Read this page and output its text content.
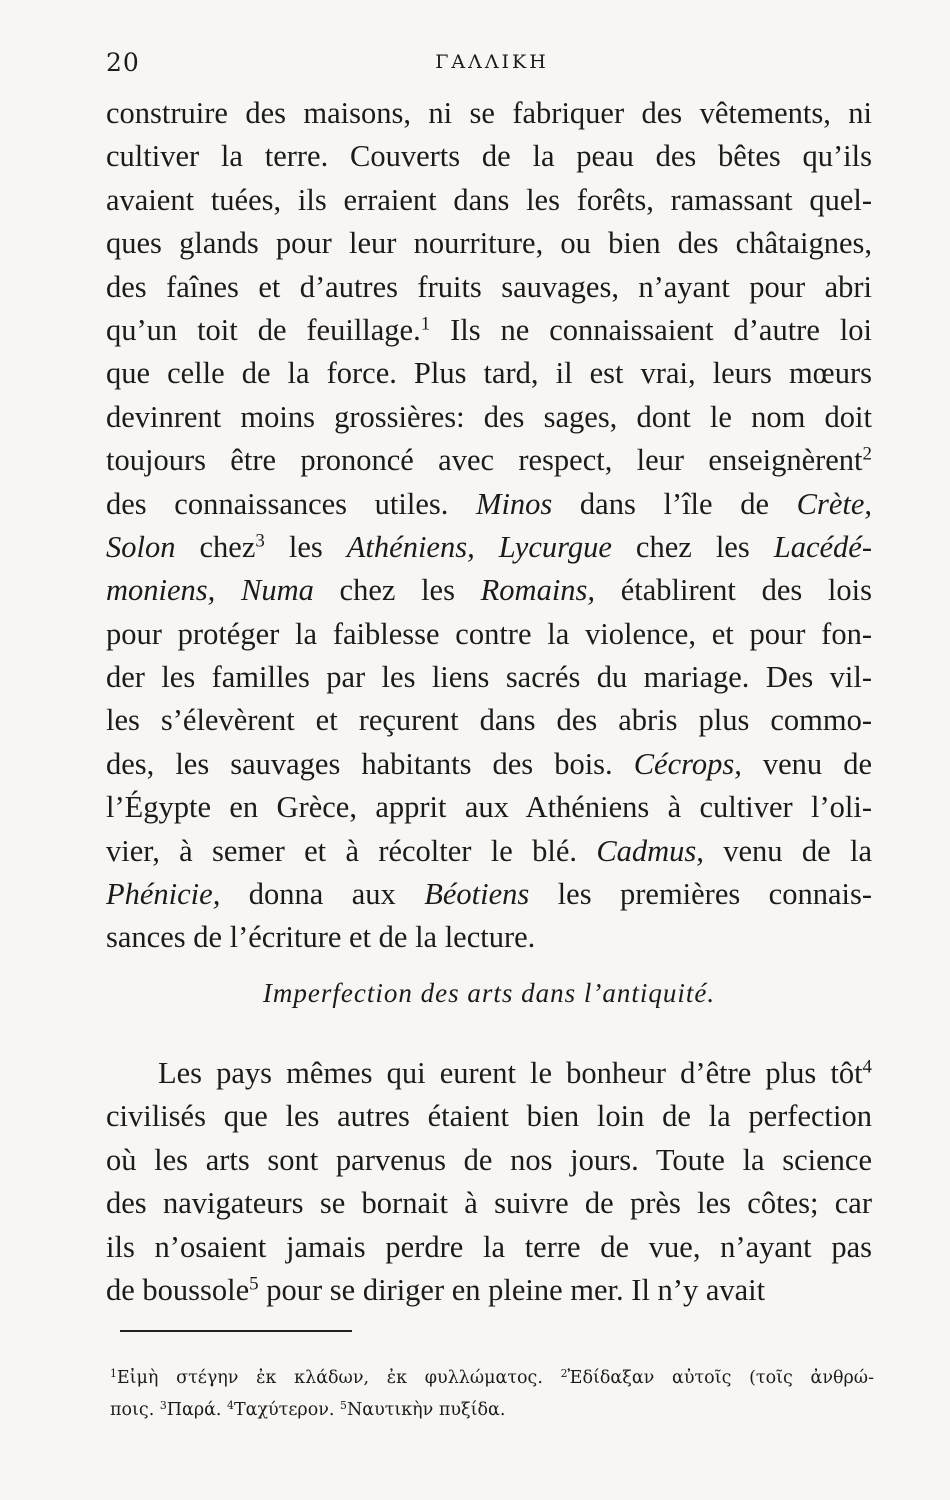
20	ΓΑΛΛΙΚΗ
construire des maisons, ni se fabriquer des vêtements, ni
cultiver la terre. Couverts de la peau des bêtes qu’ils
avaient tuées, ils erraient dans les forêts, ramassant quel-
ques glands pour leur nourriture, ou bien des châtaignes,
des faînes et d’autres fruits sauvages, n’ayant pour abri
qu’un toit de feuillage.$^1$ Ils ne connaissaient d’autre loi
que celle de la force. Plus tard, il est vrai, leurs mœurs
devinrent moins grossières: des sages, dont le nom doit
toujours être prononcé avec respect, leur enseignèrent$^2$
des connaissances utiles. Minos dans l’île de Crète,
Solon chez$^3$ les Athéniens, Lycurgue chez les Lacédé-
moniens, Numa chez les Romains, établirent des lois
pour protéger la faiblesse contre la violence, et pour fon-
der les familles par les liens sacrés du mariage. Des vil-
les s’élevèrent et reçurent dans des abris plus commo-
des, les sauvages habitants des bois. Cécrops, venu de
l’Égypte en Grèce, apprit aux Athéniens à cultiver l’oli-
vier, à semer et à récolter le blé. Cadmus, venu de la
Phénicie, donna aux Béotiens les premières connais-
sances de l’écriture et de la lecture.
Imperfection des arts dans l’antiquité.
Les pays mêmes qui eurent le bonheur d’être plus tôt$^4$
civilisés que les autres étaient bien loin de la perfection
où les arts sont parvenus de nos jours. Toute la science
des navigateurs se bornait à suivre de près les côtes; car
ils n’osaient jamais perdre la terre de vue, n’ayant pas
de boussole$^5$ pour se diriger en pleine mer. Il n’y avait
$^1$Εἰμὴ στέγην ἐκ κλάδων, ἐκ φυλλώματος. $^2$Ἐδίδαξαν αὐτοῖς (τοῖς ἀνθρώ-
ποις. $^3$Παρά. $^4$Ταχύτερον. $^5$Ναυτικὴν πυξίδα.
